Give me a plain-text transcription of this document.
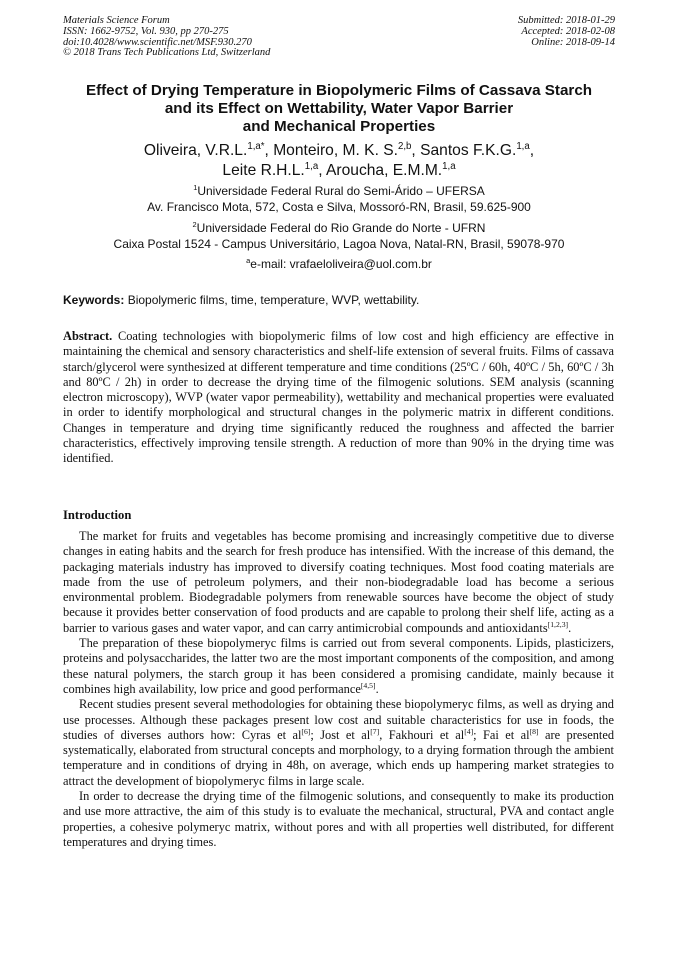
Materials Science Forum
ISSN: 1662-9752, Vol. 930, pp 270-275
doi:10.4028/www.scientific.net/MSF.930.270
© 2018 Trans Tech Publications Ltd, Switzerland
Submitted: 2018-01-29
Accepted: 2018-02-08
Online: 2018-09-14
Effect of Drying Temperature in Biopolymeric Films of Cassava Starch
and its Effect on Wettability, Water Vapor Barrier
and Mechanical Properties
Oliveira, V.R.L.$^{1,a*}$, Monteiro, M. K. S.$^{2,b}$, Santos F.K.G.$^{1,a}$,
Leite R.H.L.$^{1,a}$, Aroucha, E.M.M.$^{1,a}$
$^1$Universidade Federal Rural do Semi-Árido – UFERSA
Av. Francisco Mota, 572, Costa e Silva, Mossoró-RN, Brasil, 59.625-900
$^2$Universidade Federal do Rio Grande do Norte - UFRN
Caixa Postal 1524 - Campus Universitário, Lagoa Nova, Natal-RN, Brasil, 59078-970
$^a$e-mail: vrafaeloliveira@uol.com.br
Keywords: Biopolymeric films, time, temperature, WVP, wettability.
Abstract. Coating technologies with biopolymeric films of low cost and high efficiency are effective in maintaining the chemical and sensory characteristics and shelf-life extension of several fruits. Films of cassava starch/glycerol were synthesized at different temperature and time conditions (25ºC / 60h, 40ºC / 5h, 60ºC / 3h and 80ºC / 2h) in order to decrease the drying time of the filmogenic solutions. SEM analysis (scanning electron microscopy), WVP (water vapor permeability), wettability and mechanical properties were evaluated in order to identify morphological and structural changes in the polymeric matrix in different conditions. Changes in temperature and drying time significantly reduced the roughness and affected the barrier characteristics, effectively improving tensile strength. A reduction of more than 90% in the drying time was identified.
Introduction

The market for fruits and vegetables has become promising and increasingly competitive due to diverse changes in eating habits and the search for fresh produce has intensified. With the increase of this demand, the packaging materials industry has improved to diversify coating techniques. Most food coating materials are made from the use of petroleum polymers, and their non-biodegradable load has become a serious environmental problem. Biodegradable polymers from renewable sources have become the object of study because it provides better conservation of food products and are capable to prolong their shelf life, acting as a barrier to various gases and water vapor, and can carry antimicrobial compounds and antioxidants[1,2,3].

The preparation of these biopolymeryc films is carried out from several components. Lipids, plasticizers, proteins and polysaccharides, the latter two are the most important components of the composition, and among these natural polymers, the starch group it has been considered a promising candidate, mainly because it combines high availability, low price and good performance[4,5].

Recent studies present several methodologies for obtaining these biopolymeryc films, as well as drying and use processes. Although these packages present low cost and suitable characteristics for use in foods, the studies of diverses authors how: Cyras et al[6]; Jost et al[7], Fakhouri et al[4]; Fai et al[8] are presented systematically, elaborated from structural concepts and morphology, to a drying formation through the ambient temperature and in conditions of drying in 48h, on average, which ends up hampering market strategies to attract the development of biopolymeryc films in large scale.

In order to decrease the drying time of the filmogenic solutions, and consequently to make its production and use more attractive, the aim of this study is to evaluate the mechanical, structural, PVA and contact angle properties, a cohesive polymeryc matrix, without pores and with all properties well distributed, for different temperatures and drying times.
